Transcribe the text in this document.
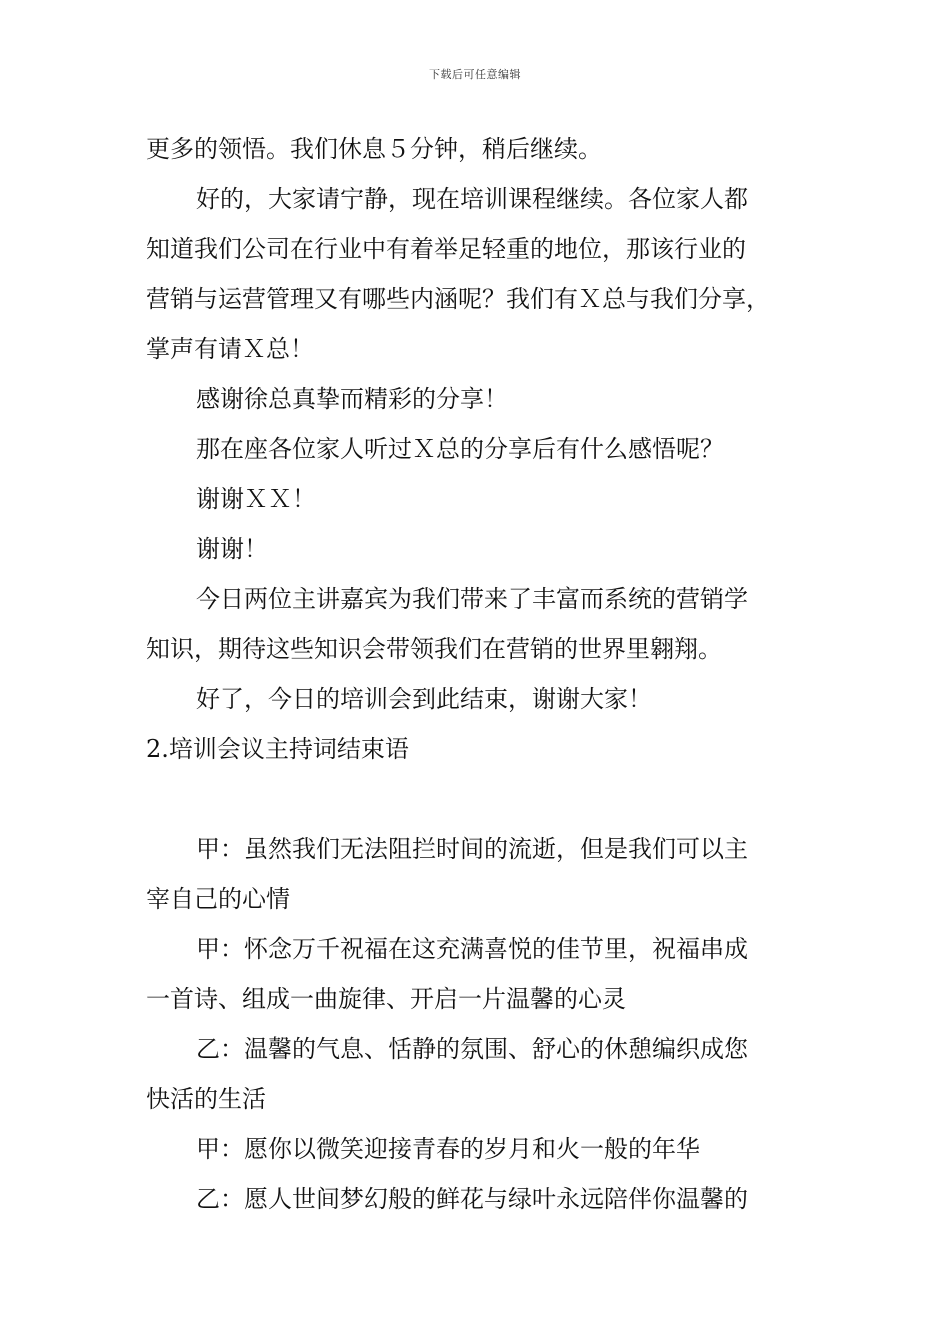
下载后可任意编辑
更多的领悟。我们休息５分钟，稍后继续。
好的，大家请宁静，现在培训课程继续。各位家人都
知道我们公司在行业中有着举足轻重的地位，那该行业的
营销与运营管理又有哪些内涵呢？我们有Ｘ总与我们分享，
掌声有请Ｘ总！
感谢徐总真挚而精彩的分享！
那在座各位家人听过Ｘ总的分享后有什么感悟呢？
谢谢ＸＸ！
谢谢！
今日两位主讲嘉宾为我们带来了丰富而系统的营销学
知识，期待这些知识会带领我们在营销的世界里翱翔。
好了，今日的培训会到此结束，谢谢大家！
2.培训会议主持词结束语
甲：虽然我们无法阻拦时间的流逝，但是我们可以主
宰自己的心情
甲：怀念万千祝福在这充满喜悦的佳节里，祝福串成
一首诗、组成一曲旋律、开启一片温馨的心灵
乙：温馨的气息、恬静的氛围、舒心的休憩编织成您
快活的生活
甲：愿你以微笑迎接青春的岁月和火一般的年华
乙：愿人世间梦幻般的鲜花与绿叶永远陪伴你温馨的
